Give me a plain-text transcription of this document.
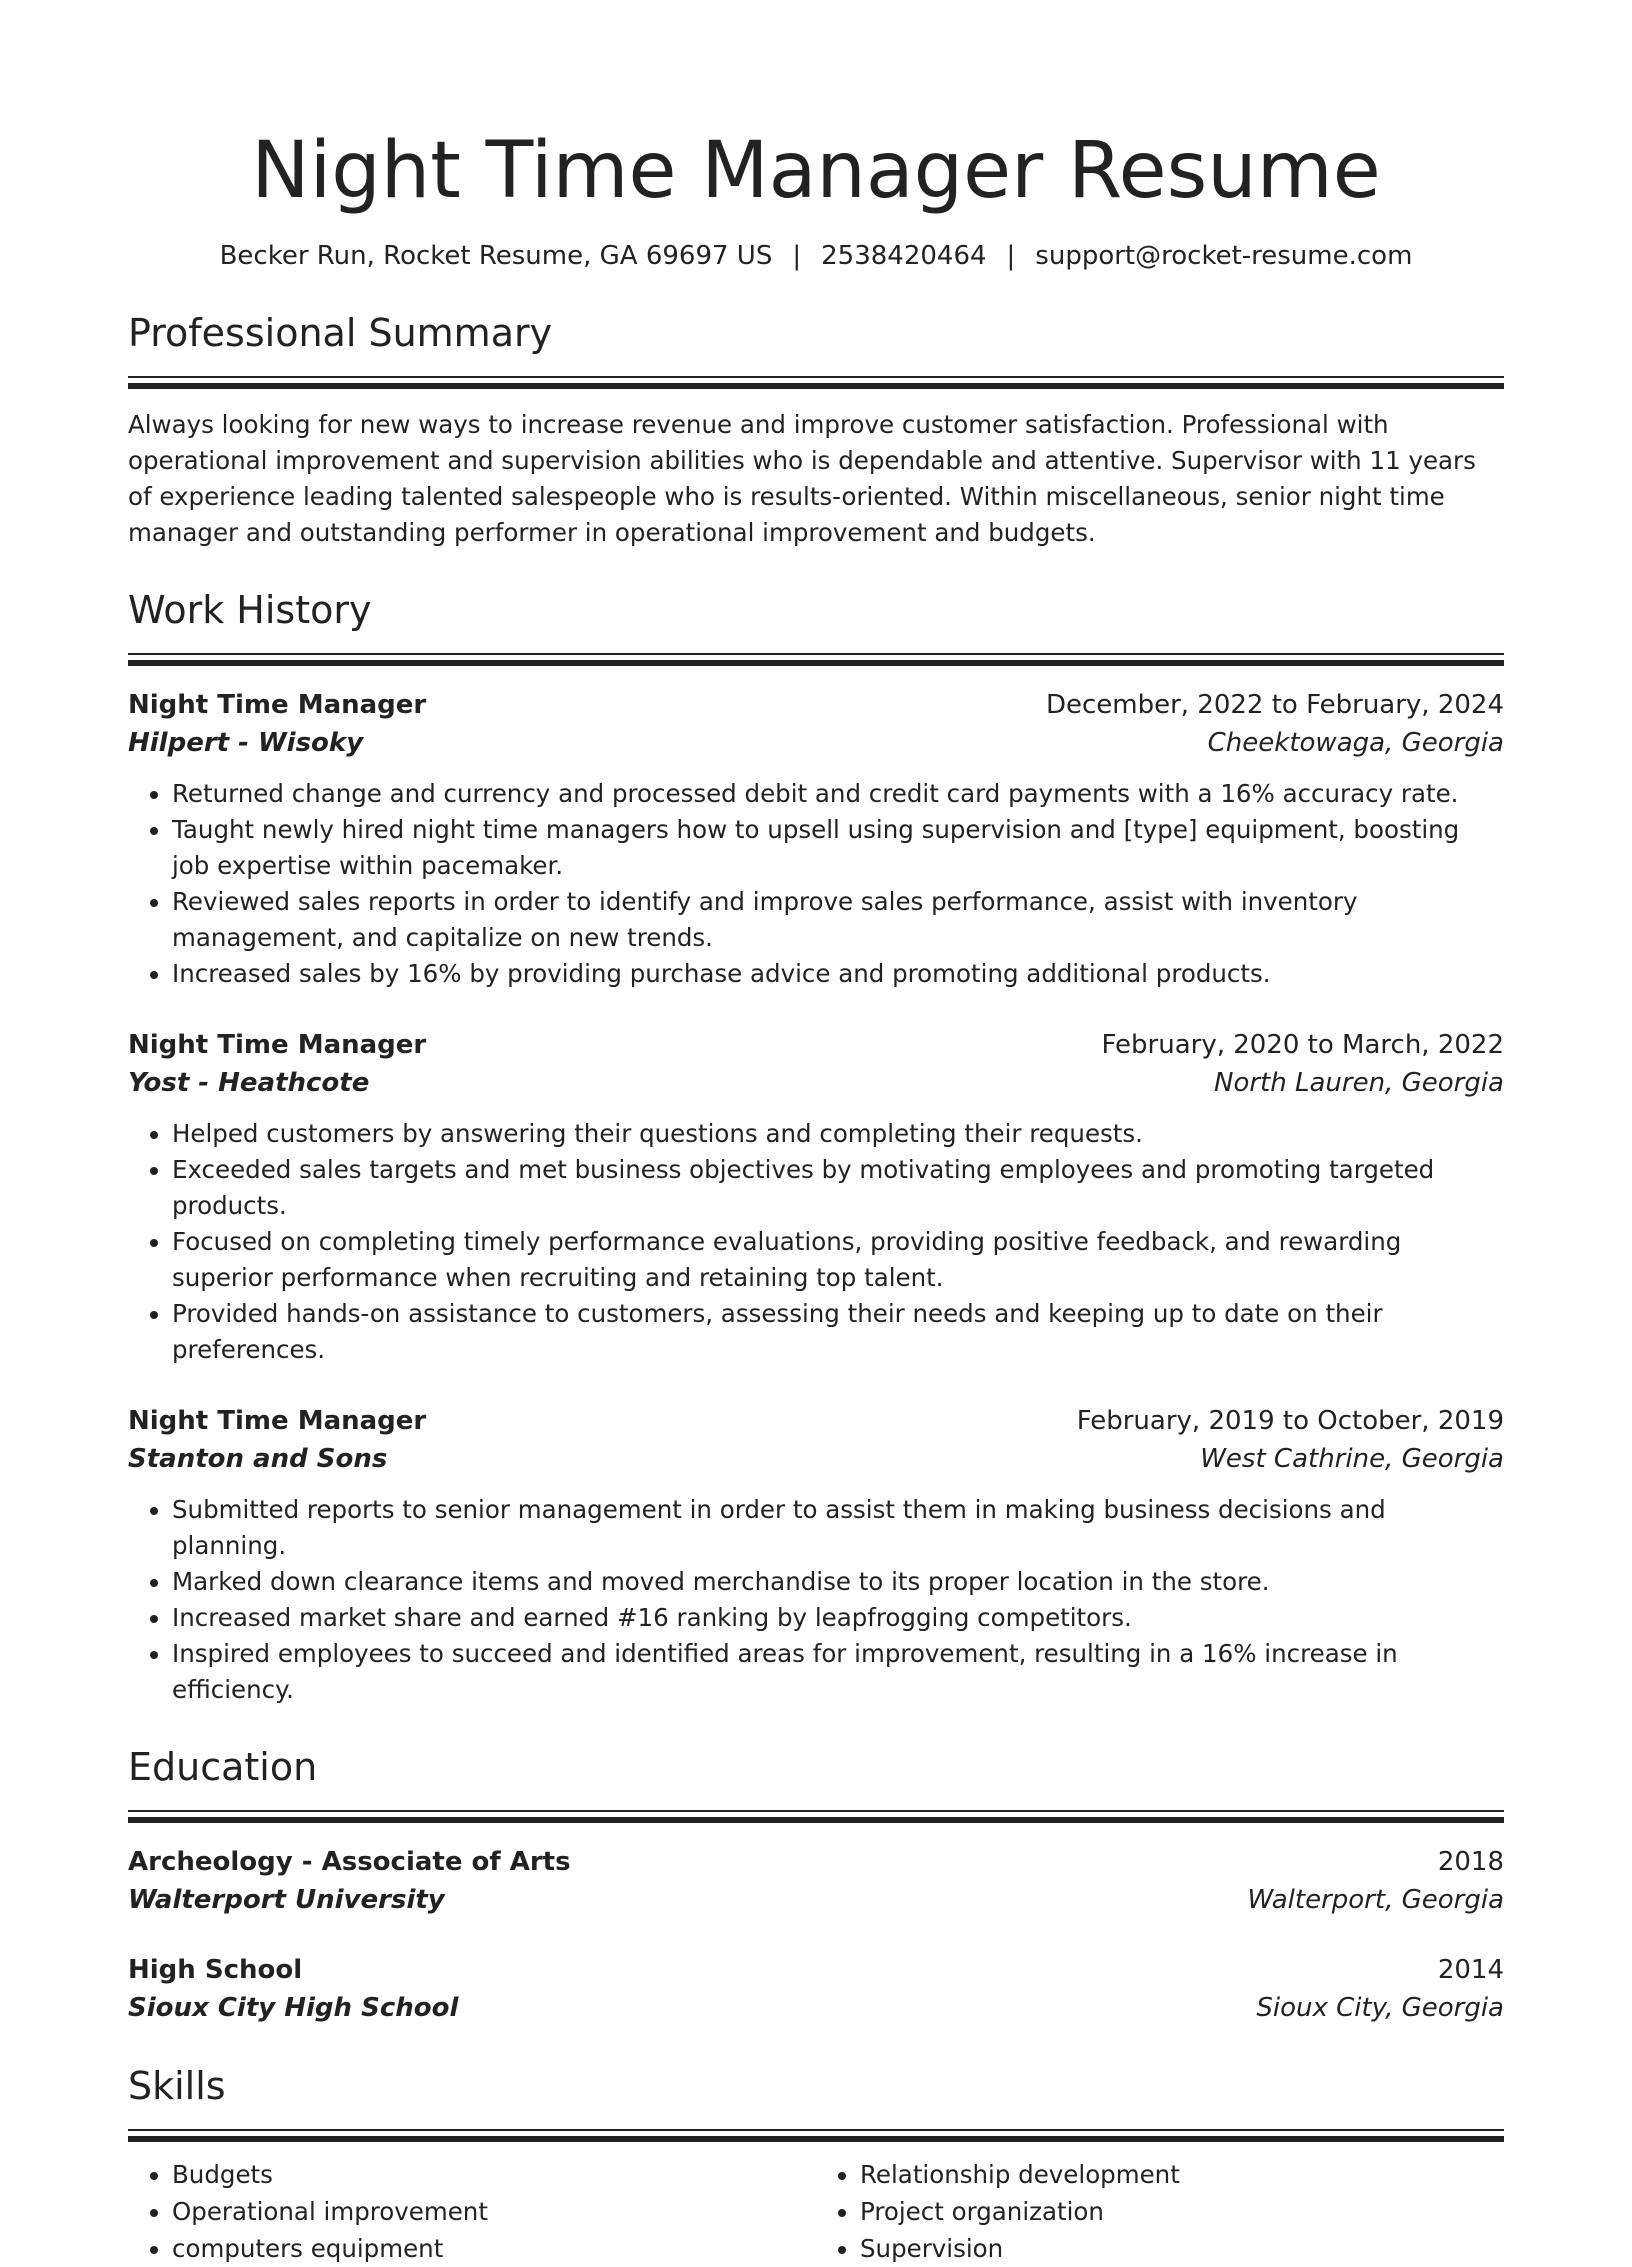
Night Time Manager Resume
Becker Run, Rocket Resume, GA 69697 US | 2538420464 | support@rocket-resume.com
Professional Summary
Always looking for new ways to increase revenue and improve customer satisfaction. Professional with operational improvement and supervision abilities who is dependable and attentive. Supervisor with 11 years of experience leading talented salespeople who is results-oriented. Within miscellaneous, senior night time manager and outstanding performer in operational improvement and budgets.
Work History
Night Time Manager	December, 2022 to February, 2024
Hilpert - Wisoky	Cheektowaga, Georgia
• Returned change and currency and processed debit and credit card payments with a 16% accuracy rate.
• Taught newly hired night time managers how to upsell using supervision and [type] equipment, boosting job expertise within pacemaker.
• Reviewed sales reports in order to identify and improve sales performance, assist with inventory management, and capitalize on new trends.
• Increased sales by 16% by providing purchase advice and promoting additional products.
Night Time Manager	February, 2020 to March, 2022
Yost - Heathcote	North Lauren, Georgia
• Helped customers by answering their questions and completing their requests.
• Exceeded sales targets and met business objectives by motivating employees and promoting targeted products.
• Focused on completing timely performance evaluations, providing positive feedback, and rewarding superior performance when recruiting and retaining top talent.
• Provided hands-on assistance to customers, assessing their needs and keeping up to date on their preferences.
Night Time Manager	February, 2019 to October, 2019
Stanton and Sons	West Cathrine, Georgia
• Submitted reports to senior management in order to assist them in making business decisions and planning.
• Marked down clearance items and moved merchandise to its proper location in the store.
• Increased market share and earned #16 ranking by leapfrogging competitors.
• Inspired employees to succeed and identified areas for improvement, resulting in a 16% increase in efficiency.
Education
Archeology - Associate of Arts	2018
Walterport University	Walterport, Georgia
High School	2014
Sioux City High School	Sioux City, Georgia
Skills
• Budgets
• Operational improvement
• computers equipment
• Relationship development
• Project organization
• Supervision
